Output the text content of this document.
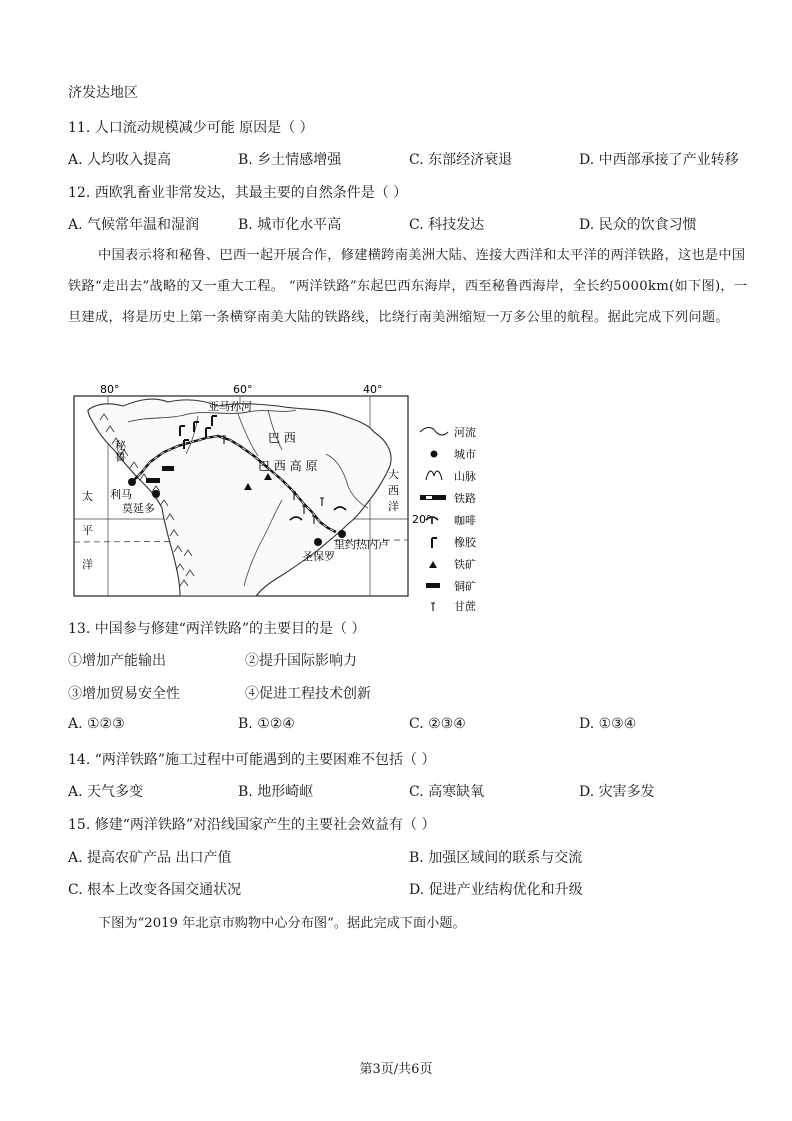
济发达地区
11. 人口流动规模减少可能 原因是（ ）
A. 人均收入提高	B. 乡土情感增强	C. 东部经济衰退	D. 中西部承接了产业转移
12. 西欧乳畜业非常发达，其最主要的自然条件是（ ）
A. 气候常年温和湿润	B. 城市化水平高	C. 科技发达	D. 民众的饮食习惯
中国表示将和秘鲁、巴西一起开展合作，修建横跨南美洲大陆、连接大西洋和太平洋的两洋铁路，这也是中国铁路“走出去”战略的又一重大工程。 “两洋铁路”东起巴西东海岸，西至秘鲁西海岸，全长约5000km(如下图)，一旦建成，将是历史上第一条横穿南美大陆的铁路线，比绕行南美洲缩短一万多公里的航程。据此完成下列问题。
80°	60°	40°
20°
亚马孙河
秘鲁
巴 西
巴 西 高 原
太
平
洋
大
西
洋
利马
莫延多
里约热内卢
圣保罗
河流
城市
山脉
铁路
咖啡
橡胶
铁矿
铜矿
甘蔗
13. 中国参与修建“两洋铁路”的主要目的是（ ）
①增加产能输出	②提升国际影响力
③增加贸易安全性	④促进工程技术创新
A. ①②③	B. ①②④	C. ②③④	D. ①③④
14. “两洋铁路”施工过程中可能遇到的主要困难不包括（ ）
A. 天气多变	B. 地形崎岖	C. 高寒缺氧	D. 灾害多发
15. 修建“两洋铁路”对沿线国家产生的主要社会效益有（ ）
A. 提高农矿产品 出口产值	B. 加强区域间的联系与交流
C. 根本上改变各国交通状况	D. 促进产业结构优化和升级
下图为“2019 年北京市购物中心分布图”。据此完成下面小题。
第3页/共6页
